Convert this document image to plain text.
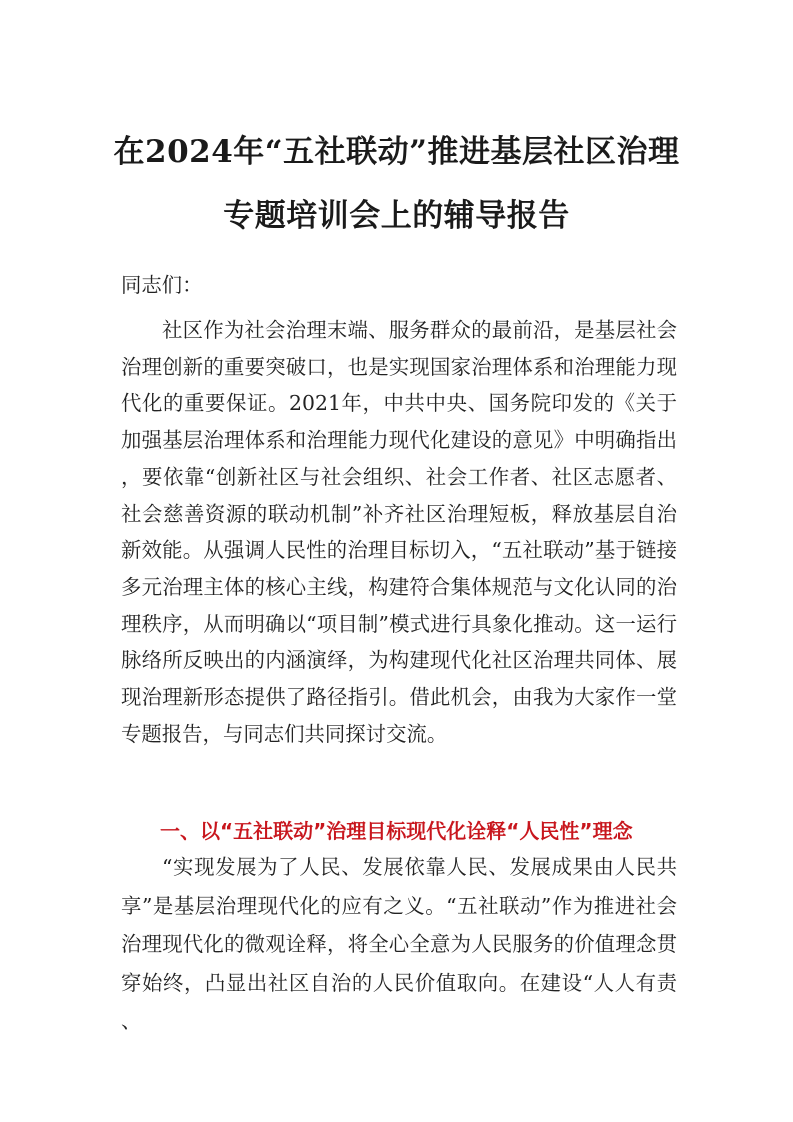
在2024年“五社联动”推进基层社区治理
专题培训会上的辅导报告

同志们：

社区作为社会治理末端、服务群众的最前沿，是基层社会治理创新的重要突破口，也是实现国家治理体系和治理能力现代化的重要保证。2021年，中共中央、国务院印发的《关于加强基层治理体系和治理能力现代化建设的意见》中明确指出，要依靠“创新社区与社会组织、社会工作者、社区志愿者、社会慈善资源的联动机制”补齐社区治理短板，释放基层自治新效能。从强调人民性的治理目标切入，“五社联动”基于链接多元治理主体的核心主线，构建符合集体规范与文化认同的治理秩序，从而明确以“项目制”模式进行具象化推动。这一运行脉络所反映出的内涵演绎，为构建现代化社区治理共同体、展现治理新形态提供了路径指引。借此机会，由我为大家作一堂专题报告，与同志们共同探讨交流。

一、以“五社联动”治理目标现代化诠释“人民性”理念

“实现发展为了人民、发展依靠人民、发展成果由人民共享”是基层治理现代化的应有之义。“五社联动”作为推进社会治理现代化的微观诠释，将全心全意为人民服务的价值理念贯穿始终，凸显出社区自治的人民价值取向。在建设“人人有责、
